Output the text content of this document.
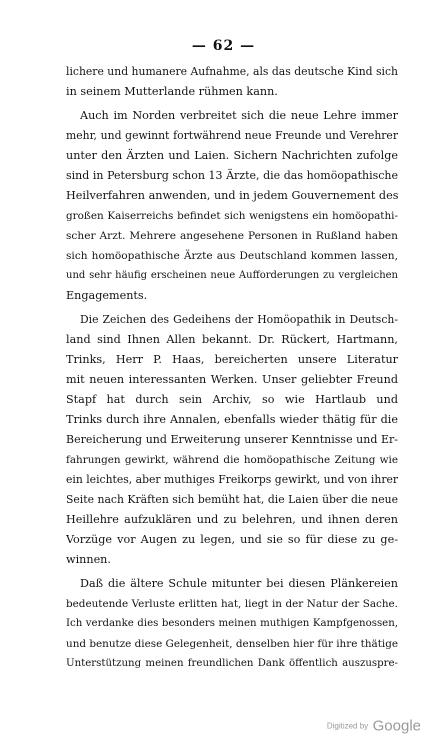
— 62 —
lichere und humanere Aufnahme, als das deutsche Kind sich
in seinem Mutterlande rühmen kann.
Auch im Norden verbreitet sich die neue Lehre immer
mehr, und gewinnt fortwährend neue Freunde und Verehrer
unter den Ärzten und Laien. Sichern Nachrichten zufolge
sind in Petersburg schon 13 Ärzte, die das homöopathische
Heilverfahren anwenden, und in jedem Gouvernement des
großen Kaiserreichs befindet sich wenigstens ein homöopathi-
scher Arzt. Mehrere angesehene Personen in Rußland haben
sich homöopathische Ärzte aus Deutschland kommen lassen,
und sehr häufig erscheinen neue Aufforderungen zu vergleichen
Engagements.
Die Zeichen des Gedeihens der Homöopathik in Deutsch-
land sind Ihnen Allen bekannt. Dr. Rückert, Hartmann,
Trinks, Herr P. Haas, bereicherten unsere Literatur
mit neuen interessanten Werken. Unser geliebter Freund
Stapf hat durch sein Archiv, so wie Hartlaub und
Trinks durch ihre Annalen, ebenfalls wieder thätig für die
Bereicherung und Erweiterung unserer Kenntnisse und Er-
fahrungen gewirkt, während die homöopathische Zeitung wie
ein leichtes, aber muthiges Freikorps gewirkt, und von ihrer
Seite nach Kräften sich bemüht hat, die Laien über die neue
Heillehre aufzuklären und zu belehren, und ihnen deren
Vorzüge vor Augen zu legen, und sie so für diese zu ge-
winnen.
Daß die ältere Schule mitunter bei diesen Plänkereien
bedeutende Verluste erlitten hat, liegt in der Natur der Sache.
Ich verdanke dies besonders meinen muthigen Kampfgenossen,
und benutze diese Gelegenheit, denselben hier für ihre thätige
Unterstützung meinen freundlichen Dank öffentlich auszuspre-
Digitized by Google
